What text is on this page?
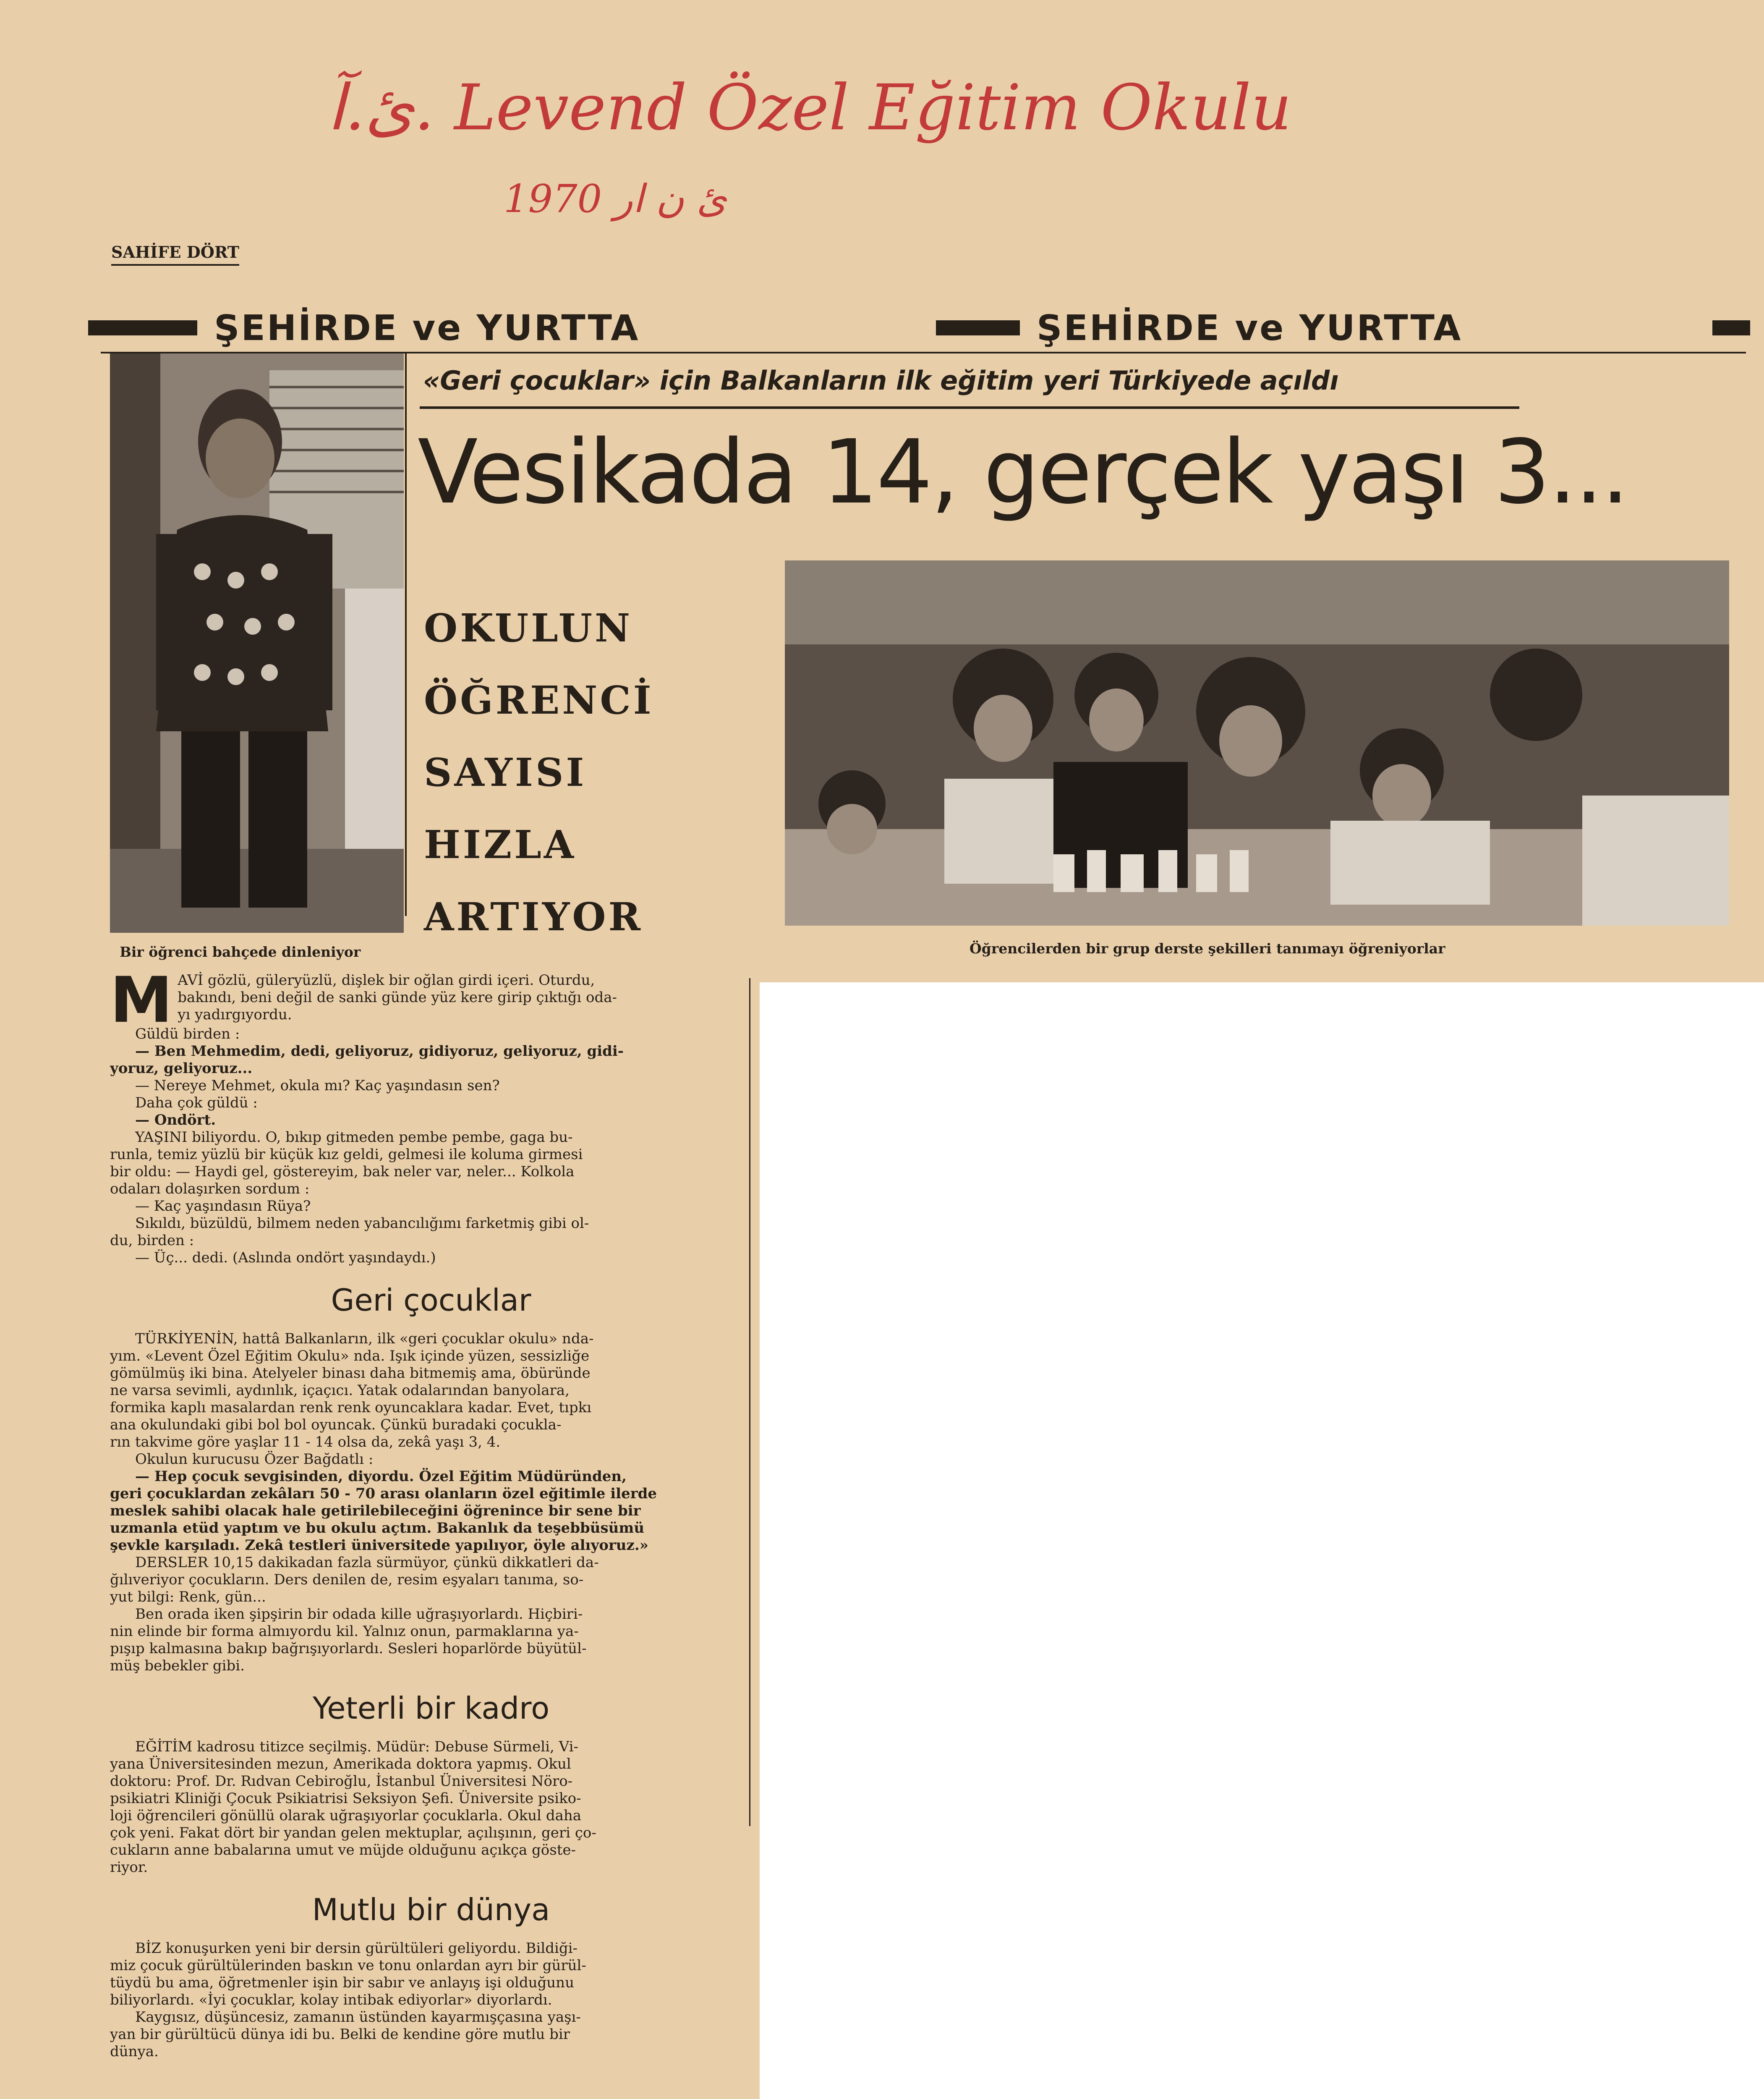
ئ.آ. Levend Özel Eğitim Okulu
1970 ئ ن ار
SAHİFE DÖRT
ŞEHİRDE ve YURTTA	ŞEHİRDE ve YURTTA
«Geri çocuklar» için Balkanların ilk eğitim yeri Türkiyede açıldı
Vesikada 14, gerçek yaşı 3...
OKULUN
ÖĞRENCİ
SAYISI
HIZLA
ARTIYOR
Bir öğrenci bahçede dinleniyor	Öğrencilerden bir grup derste şekilleri tanımayı öğreniyorlar
M AVİ gözlü, güleryüzlü, dişlek bir oğlan girdi içeri. Oturdu,
bakındı, beni değil de sanki günde yüz kere girip çıktığı oda-
yı yadırgıyordu.
Güldü birden :
— Ben Mehmedim, dedi, geliyoruz, gidiyoruz, geliyoruz, gidi-
yoruz, geliyoruz...
— Nereye Mehmet, okula mı? Kaç yaşındasın sen?
Daha çok güldü :
— Ondört.
YAŞINI biliyordu. O, bıkıp gitmeden pembe pembe, gaga bu-
runla, temiz yüzlü bir küçük kız geldi, gelmesi ile koluma girmesi
bir oldu: — Haydi gel, göstereyim, bak neler var, neler... Kolkola
odaları dolaşırken sordum :
— Kaç yaşındasın Rüya?
Sıkıldı, büzüldü, bilmem neden yabancılığımı farketmiş gibi ol-
du, birden :
— Üç... dedi. (Aslında ondört yaşındaydı.)
Geri çocuklar
TÜRKİYENİN, hattâ Balkanların, ilk «geri çocuklar okulu» nda-
yım. «Levent Özel Eğitim Okulu» nda. Işık içinde yüzen, sessizliğe
gömülmüş iki bina. Atelyeler binası daha bitmemiş ama, öbüründe
ne varsa sevimli, aydınlık, içaçıcı. Yatak odalarından banyolara,
formika kaplı masalardan renk renk oyuncaklara kadar. Evet, tıpkı
ana okulundaki gibi bol bol oyuncak. Çünkü buradaki çocukla-
rın takvime göre yaşlar 11 - 14 olsa da, zekâ yaşı 3, 4.
Okulun kurucusu Özer Bağdatlı :
— Hep çocuk sevgisinden, diyordu. Özel Eğitim Müdüründen,
geri çocuklardan zekâları 50 - 70 arası olanların özel eğitimle ilerde
meslek sahibi olacak hale getirilebileceğini öğrenince bir sene bir
uzmanla etüd yaptım ve bu okulu açtım. Bakanlık da teşebbüsümü
şevkle karşıladı. Zekâ testleri üniversitede yapılıyor, öyle alıyoruz.»
DERSLER 10,15 dakikadan fazla sürmüyor, çünkü dikkatleri da-
ğılıveriyor çocukların. Ders denilen de, resim eşyaları tanıma, so-
yut bilgi: Renk, gün...
Ben orada iken şipşirin bir odada kille uğraşıyorlardı. Hiçbiri-
nin elinde bir forma almıyordu kil. Yalnız onun, parmaklarına ya-
pışıp kalmasına bakıp bağrışıyorlardı. Sesleri hoparlörde büyütül-
müş bebekler gibi.
Yeterli bir kadro
EĞİTİM kadrosu titizce seçilmiş. Müdür: Debuse Sürmeli, Vi-
yana Üniversitesinden mezun, Amerikada doktora yapmış. Okul
doktoru: Prof. Dr. Rıdvan Cebiroğlu, İstanbul Üniversitesi Nöro-
psikiatri Kliniği Çocuk Psikiatrisi Seksiyon Şefi. Üniversite psiko-
loji öğrencileri gönüllü olarak uğraşıyorlar çocuklarla. Okul daha
çok yeni. Fakat dört bir yandan gelen mektuplar, açılışının, geri ço-
cukların anne babalarına umut ve müjde olduğunu açıkça göste-
riyor.
Mutlu bir dünya
BİZ konuşurken yeni bir dersin gürültüleri geliyordu. Bildiği-
miz çocuk gürültülerinden baskın ve tonu onlardan ayrı bir gürül-
tüydü bu ama, öğretmenler işin bir sabır ve anlayış işi olduğunu
biliyorlardı. «İyi çocuklar, kolay intibak ediyorlar» diyorlardı.
Kaygısız, düşüncesiz, zamanın üstünden kayarmışçasına yaşı-
yan bir gürültücü dünya idi bu. Belki de kendine göre mutlu bir
dünya.
